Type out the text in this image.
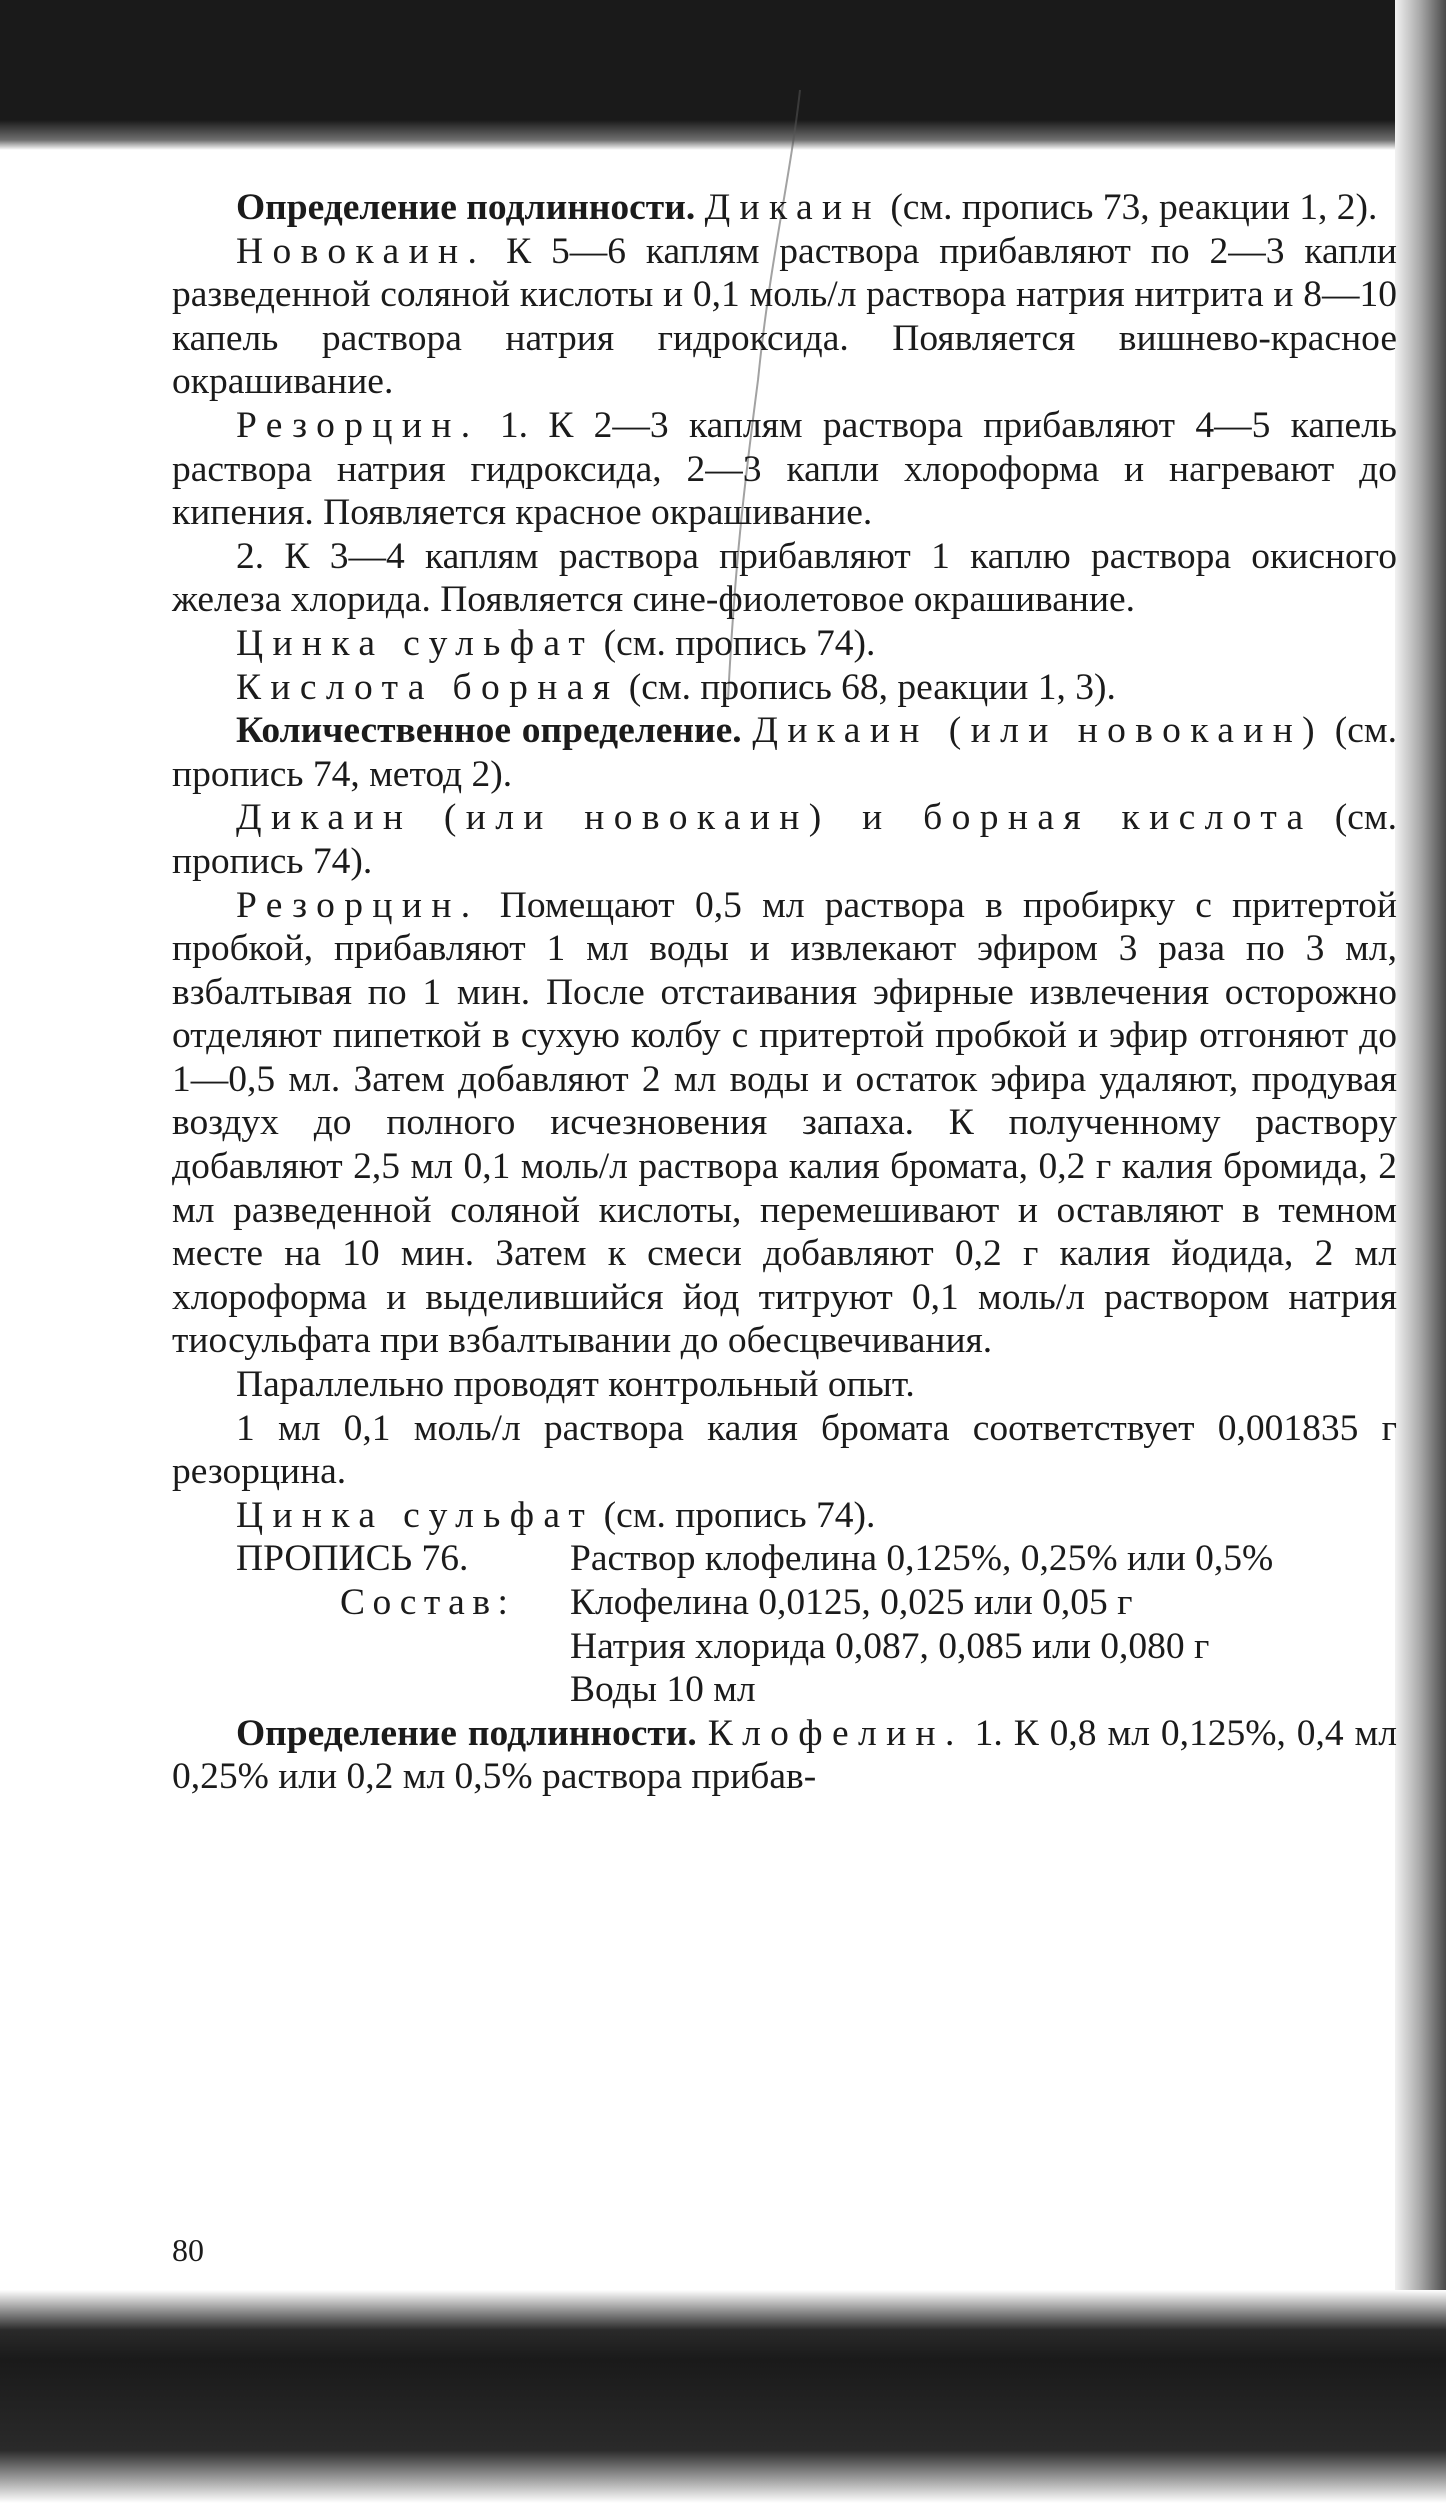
Определение подлинности. Дикаин (см. пропись 73, реакции 1, 2).

Новокаин. К 5—6 каплям раствора прибавляют по 2—3 капли разведенной соляной кислоты и 0,1 моль/л раствора натрия нитрита и 8—10 капель раствора натрия гидроксида. Появляется вишнево-красное окрашивание.

Резорцин. 1. К 2—3 каплям раствора прибавляют 4—5 капель раствора натрия гидроксида, 2—3 капли хлороформа и нагревают до кипения. Появляется красное окрашивание.

2. К 3—4 каплям раствора прибавляют 1 каплю раствора окисного железа хлорида. Появляется сине-фиолетовое окрашивание.

Цинка сульфат (см. пропись 74).

Кислота борная (см. пропись 68, реакции 1, 3).

Количественное определение. Дикаин (или новокаин) (см. пропись 74, метод 2).

Дикаин (или новокаин) и борная кислота (см. пропись 74).

Резорцин. Помещают 0,5 мл раствора в пробирку с притертой пробкой, прибавляют 1 мл воды и извлекают эфиром 3 раза по 3 мл, взбалтывая по 1 мин. После отстаивания эфирные извлечения осторожно отделяют пипеткой в сухую колбу с притертой пробкой и эфир отгоняют до 1—0,5 мл. Затем добавляют 2 мл воды и остаток эфира удаляют, продувая воздух до полного исчезновения запаха. К полученному раствору добавляют 2,5 мл 0,1 моль/л раствора калия бромата, 0,2 г калия бромида, 2 мл разведенной соляной кислоты, перемешивают и оставляют в темном месте на 10 мин. Затем к смеси добавляют 0,2 г калия йодида, 2 мл хлороформа и выделившийся йод титруют 0,1 моль/л раствором натрия тиосульфата при взбалтывании до обесцвечивания.

Параллельно проводят контрольный опыт.

1 мл 0,1 моль/л раствора калия бромата соответствует 0,001835 г резорцина.

Цинка сульфат (см. пропись 74).

ПРОПИСЬ 76.	Раствор клофелина 0,125%, 0,25% или 0,5%
Состав: Клофелина 0,0125, 0,025 или 0,05 г
Натрия хлорида 0,087, 0,085 или 0,080 г
Воды 10 мл

Определение подлинности. Клофелин. 1. К 0,8 мл 0,125%, 0,4 мл 0,25% или 0,2 мл 0,5% раствора прибав-

80
